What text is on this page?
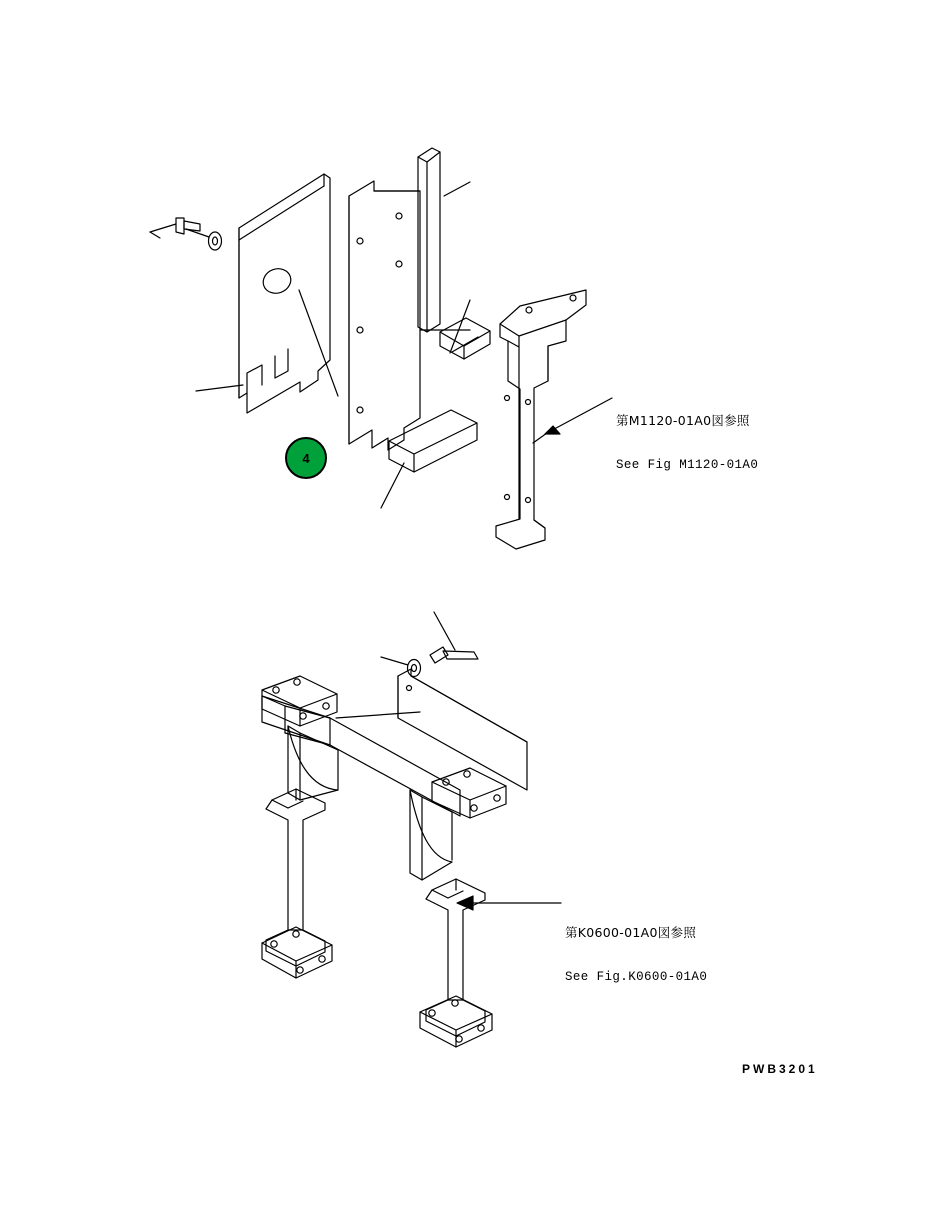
4

第M1120-01A0図参照

See Fig M1120-01A0

第K0600-01A0図参照

See Fig.K0600-01A0

PWB3201
